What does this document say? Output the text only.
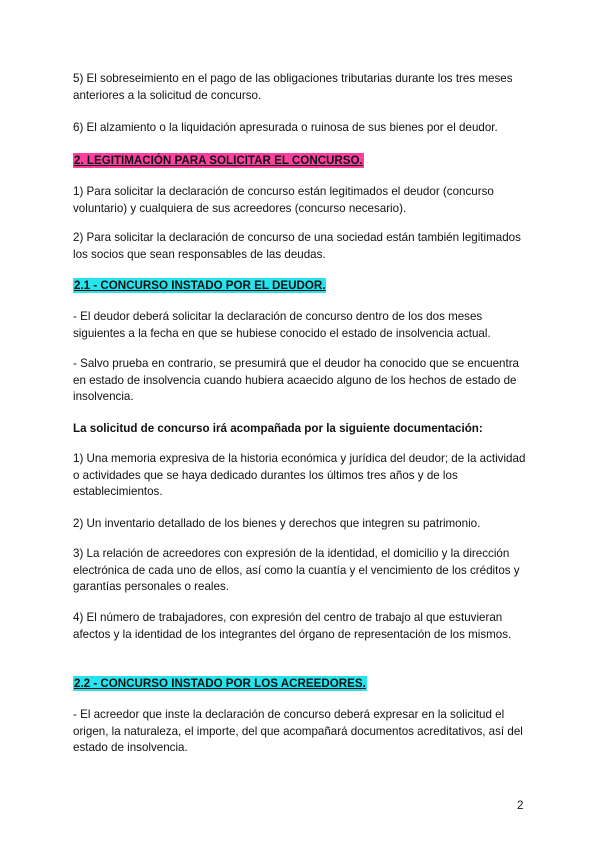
5) El sobreseimiento en el pago de las obligaciones tributarias durante los tres meses anteriores a la solicitud de concurso.

6) El alzamiento o la liquidación apresurada o ruinosa de sus bienes por el deudor.

2. LEGITIMACIÓN PARA SOLICITAR EL CONCURSO.

1) Para solicitar la declaración de concurso están legitimados el deudor (concurso voluntario) y cualquiera de sus acreedores (concurso necesario).

2) Para solicitar la declaración de concurso de una sociedad están también legitimados los socios que sean responsables de las deudas.

2.1 - CONCURSO INSTADO POR EL DEUDOR.

- El deudor deberá solicitar la declaración de concurso dentro de los dos meses siguientes a la fecha en que se hubiese conocido el estado de insolvencia actual.

- Salvo prueba en contrario, se presumirá que el deudor ha conocido que se encuentra en estado de insolvencia cuando hubiera acaecido alguno de los hechos de estado de insolvencia.

La solicitud de concurso irá acompañada por la siguiente documentación:

1) Una memoria expresiva de la historia económica y jurídica del deudor; de la actividad o actividades que se haya dedicado durantes los últimos tres años y de los establecimientos.

2) Un inventario detallado de los bienes y derechos que integren su patrimonio.

3) La relación de acreedores con expresión de la identidad, el domicilio y la dirección electrónica de cada uno de ellos, así como la cuantía y el vencimiento de los créditos y garantías personales o reales.

4) El número de trabajadores, con expresión del centro de trabajo al que estuvieran afectos y la identidad de los integrantes del órgano de representación de los mismos.

2.2 - CONCURSO INSTADO POR LOS ACREEDORES.

- El acreedor que inste la declaración de concurso deberá expresar en la solicitud el origen, la naturaleza, el importe, del que acompañará documentos acreditativos, así del estado de insolvencia.

2
